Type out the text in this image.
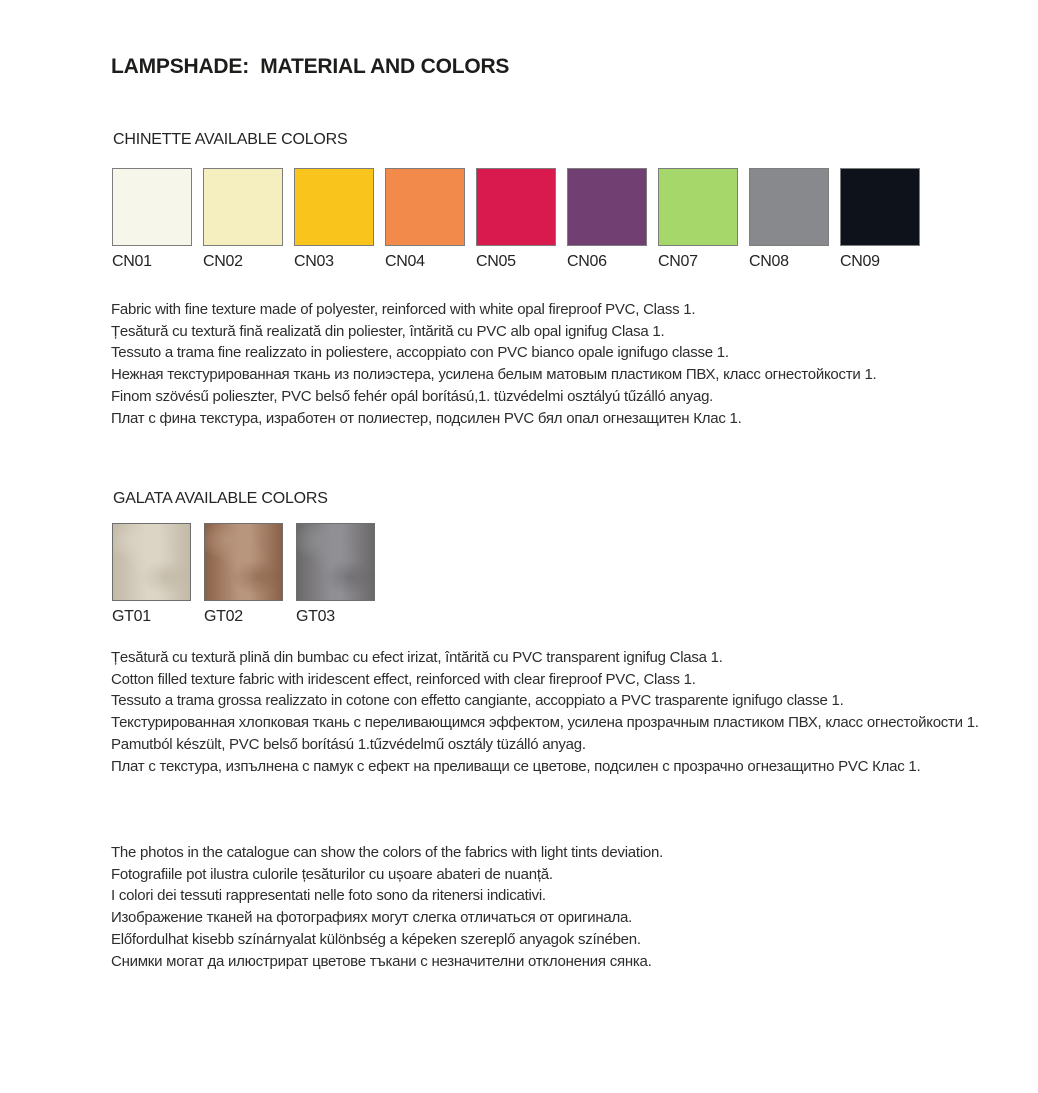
LAMPSHADE:  MATERIAL AND COLORS
CHINETTE AVAILABLE COLORS
CN01	CN02	CN03	CN04	CN05	CN06	CN07	CN08	CN09
Fabric with fine texture made of polyester, reinforced with white opal fireproof PVC, Class 1.
Țesătură cu textură fină realizată din poliester, întărită cu PVC alb opal ignifug Clasa 1.
Tessuto a trama fine realizzato in poliestere, accoppiato con PVC bianco opale ignifugo classe 1.
Нежная текстурированная ткань из полиэстера, усилена белым матовым пластиком ПВХ, класс огнестойкости 1.
Finom szövésű polieszter, PVC belső fehér opál borítású,1. tüzvédelmi osztályú tűzálló anyag.
Плат с фина текстура, изработен от полиестер, подсилен PVC бял опал огнезащитен Клас 1.
GALATA AVAILABLE COLORS
GT01	GT02	GT03
Țesătură cu textură plină din bumbac cu efect irizat, întărită cu PVC transparent ignifug Clasa 1.
Cotton filled texture fabric with iridescent effect, reinforced with clear fireproof PVC, Class 1.
Tessuto a trama grossa realizzato in cotone con effetto cangiante, accoppiato a PVC trasparente ignifugo classe 1.
Текстурированная хлопковая ткань с переливающимся эффектом, усилена прозрачным пластиком ПВХ, класс огнестойкости 1.
Pamutból készült, PVC belső borítású 1.tűzvédelmű osztály tüzálló anyag.
Плат с текстура, изпълнена с памук с ефект на преливащи се цветове, подсилен с прозрачно огнезащитно PVC Клас 1.
The photos in the catalogue can show the colors of the fabrics with light tints deviation.
Fotografiile pot ilustra culorile țesăturilor cu ușoare abateri de nuanță.
I colori dei tessuti rappresentati nelle foto sono da ritenersi indicativi.
Изображение тканей на фотографиях могут слегка отличаться от оригинала.
Előfordulhat kisebb színárnyalat különbség a képeken szereplő anyagok színében.
Снимки могат да илюстрират цветове тъкани с незначителни отклонения сянка.
